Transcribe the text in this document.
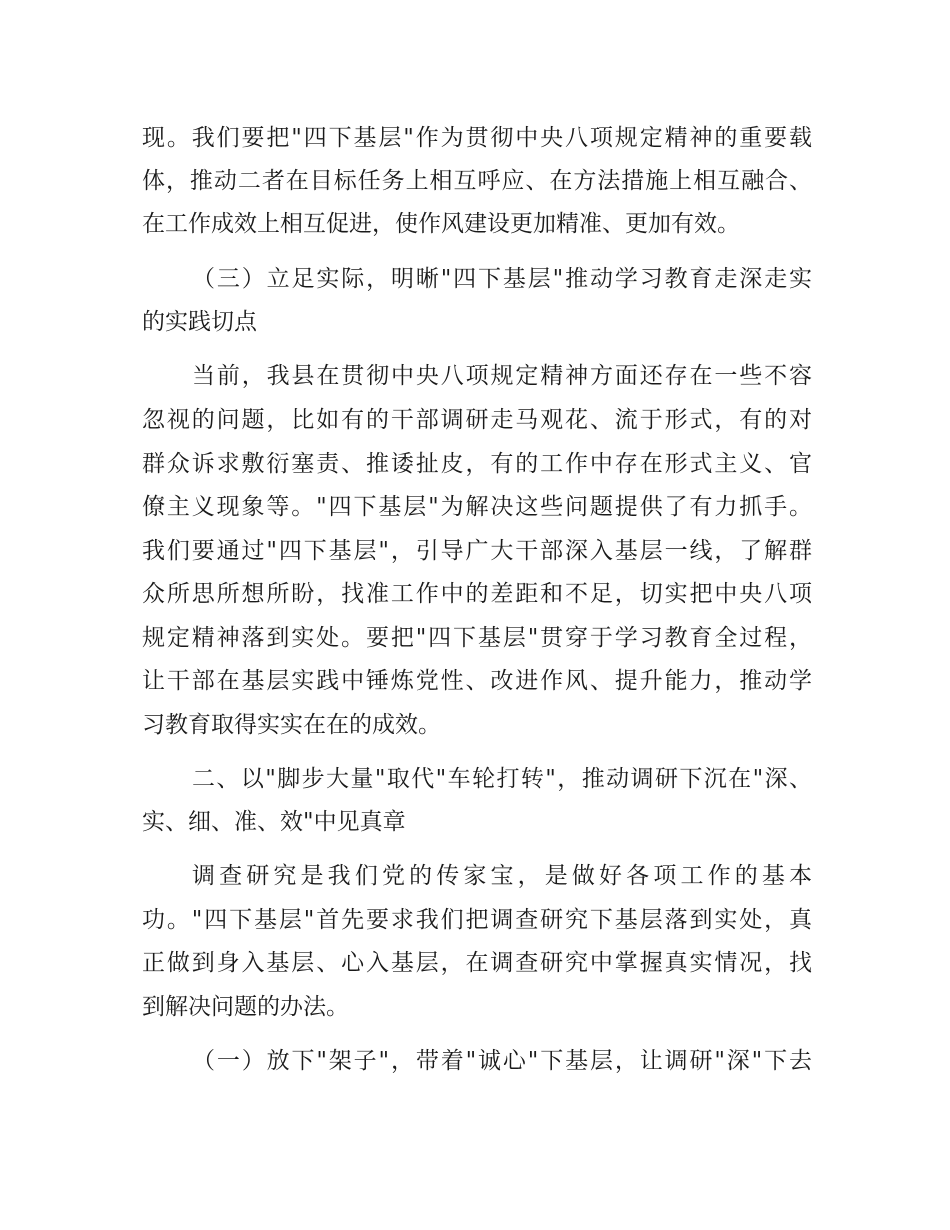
现。我们要把"四下基层"作为贯彻中央八项规定精神的重要载
体，推动二者在目标任务上相互呼应、在方法措施上相互融合、
在工作成效上相互促进，使作风建设更加精准、更加有效。
（三）立足实际，明晰"四下基层"推动学习教育走深走实
的实践切点
当前，我县在贯彻中央八项规定精神方面还存在一些不容
忽视的问题，比如有的干部调研走马观花、流于形式，有的对
群众诉求敷衍塞责、推诿扯皮，有的工作中存在形式主义、官
僚主义现象等。"四下基层"为解决这些问题提供了有力抓手。
我们要通过"四下基层"，引导广大干部深入基层一线，了解群
众所思所想所盼，找准工作中的差距和不足，切实把中央八项
规定精神落到实处。要把"四下基层"贯穿于学习教育全过程，
让干部在基层实践中锤炼党性、改进作风、提升能力，推动学
习教育取得实实在在的成效。
二、以"脚步大量"取代"车轮打转"，推动调研下沉在"深、
实、细、准、效"中见真章
调查研究是我们党的传家宝，是做好各项工作的基本
功。"四下基层"首先要求我们把调查研究下基层落到实处，真
正做到身入基层、心入基层，在调查研究中掌握真实情况，找
到解决问题的办法。
（一）放下"架子"，带着"诚心"下基层，让调研"深"下去
